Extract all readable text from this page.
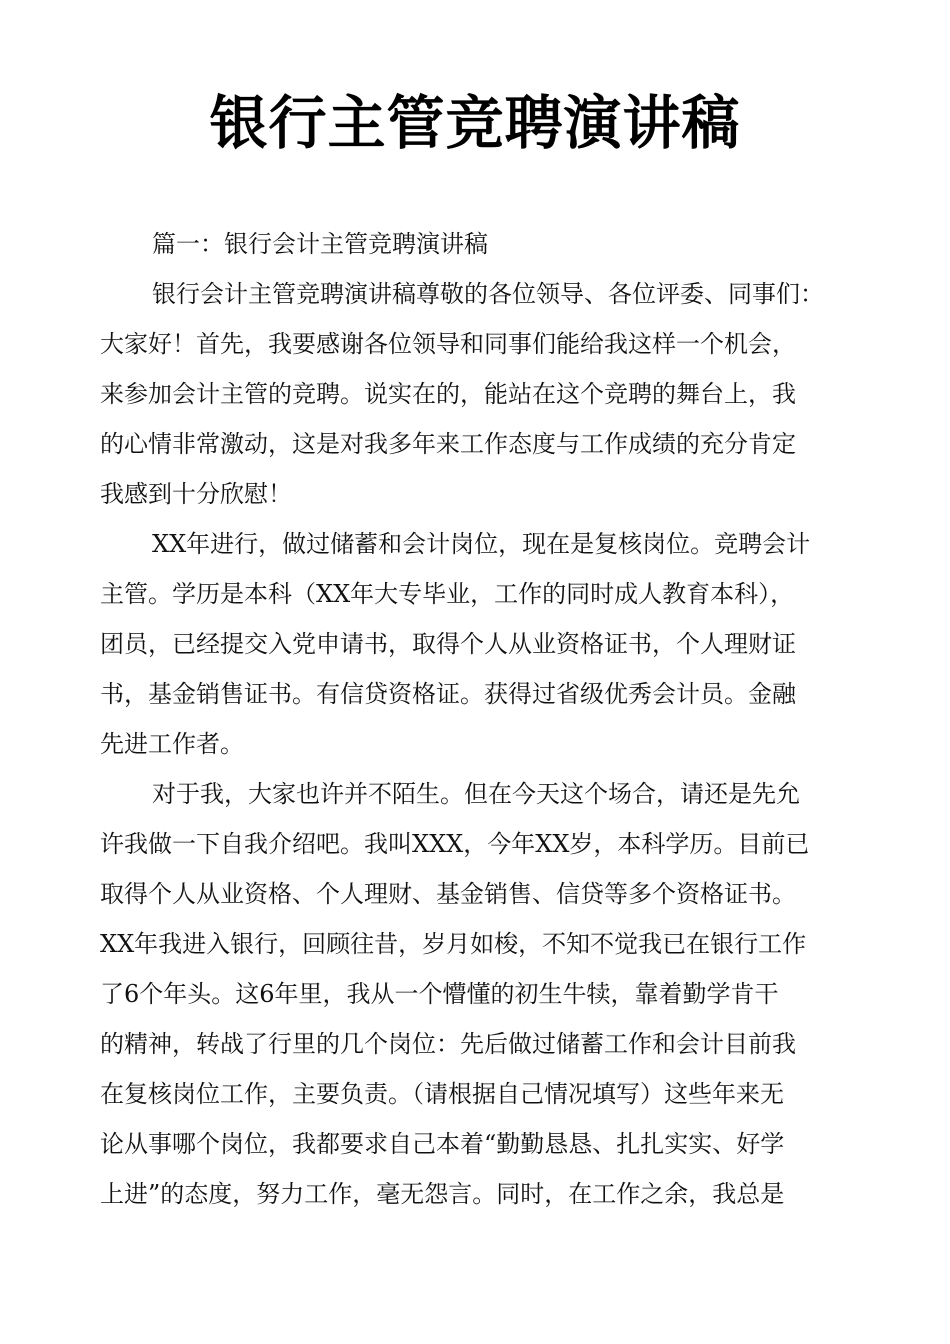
银行主管竞聘演讲稿
篇一：银行会计主管竞聘演讲稿
银行会计主管竞聘演讲稿尊敬的各位领导、各位评委、同事们：
大家好！首先，我要感谢各位领导和同事们能给我这样一个机会，
来参加会计主管的竞聘。说实在的，能站在这个竞聘的舞台上，我
的心情非常激动，这是对我多年来工作态度与工作成绩的充分肯定
我感到十分欣慰！
XX年进行，做过储蓄和会计岗位，现在是复核岗位。竞聘会计
主管。学历是本科（XX年大专毕业，工作的同时成人教育本科），
团员，已经提交入党申请书，取得个人从业资格证书，个人理财证
书，基金销售证书。有信贷资格证。获得过省级优秀会计员。金融
先进工作者。
对于我，大家也许并不陌生。但在今天这个场合，请还是先允
许我做一下自我介绍吧。我叫XXX，今年XX岁，本科学历。目前已
取得个人从业资格、个人理财、基金销售、信贷等多个资格证书。
XX年我进入银行，回顾往昔，岁月如梭，不知不觉我已在银行工作
了6个年头。这6年里，我从一个懵懂的初生牛犊，靠着勤学肯干
的精神，转战了行里的几个岗位：先后做过储蓄工作和会计目前我
在复核岗位工作，主要负责。（请根据自己情况填写）这些年来无
论从事哪个岗位，我都要求自己本着“勤勤恳恳、扎扎实实、好学
上进”的态度，努力工作，毫无怨言。同时，在工作之余，我总是
